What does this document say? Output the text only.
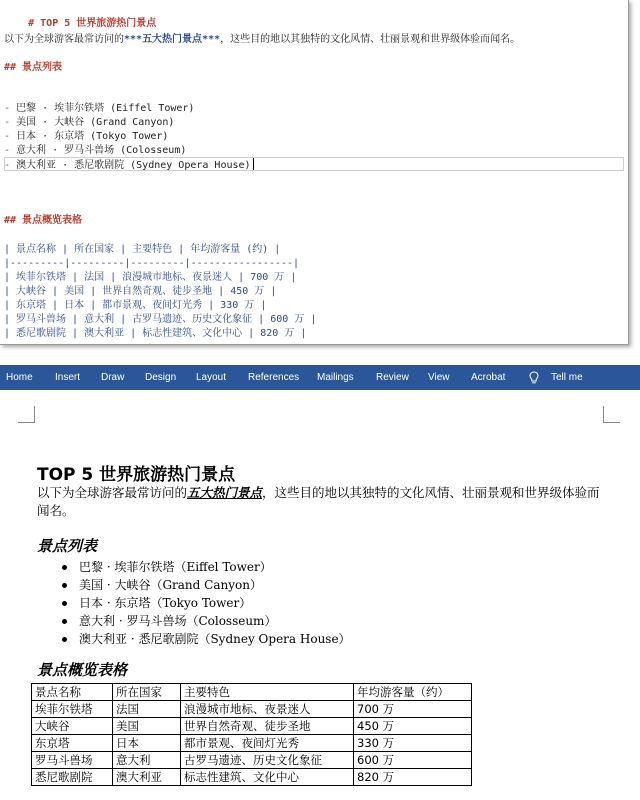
# TOP 5 世界旅游热门景点

以下为全球游客最常访问的***五大热门景点***，这些目的地以其独特的文化风情、壮丽景观和世界级体验而闻名。
## 景点列表
- 巴黎 · 埃菲尔铁塔 (Eiffel Tower)
- 美国 · 大峡谷 (Grand Canyon)
- 日本 · 东京塔 (Tokyo Tower)
- 意大利 · 罗马斗兽场 (Colosseum)
- 澳大利亚 · 悉尼歌剧院 (Sydney Opera House)
## 景点概览表格
| 景点名称 | 所在国家 | 主要特色 | 年均游客量 (约) |
|---------|---------|---------|-----------------|
| 埃菲尔铁塔 | 法国 | 浪漫城市地标、夜景迷人 | 700 万 |
| 大峡谷 | 美国 | 世界自然奇观、徒步圣地 | 450 万 |
| 东京塔 | 日本 | 都市景观、夜间灯光秀 | 330 万 |
| 罗马斗兽场 | 意大利 | 古罗马遗迹、历史文化象征 | 600 万 |
| 悉尼歌剧院 | 澳大利亚 | 标志性建筑、文化中心 | 820 万 |
Home Insert Draw Design Layout References Mailings Review View Acrobat	Tell me
TOP 5 世界旅游热门景点
以下为全球游客最常访问的五大热门景点，这些目的地以其独特的文化风情、壮丽景观和世界级体验而闻名。
景点列表
巴黎 · 埃菲尔铁塔（Eiffel Tower）
美国 · 大峡谷（Grand Canyon）
日本 · 东京塔（Tokyo Tower）
意大利 · 罗马斗兽场（Colosseum）
澳大利亚 · 悉尼歌剧院（Sydney Opera House）
景点概览表格
景点名称	所在国家	主要特色	年均游客量（约）
埃菲尔铁塔	法国	浪漫城市地标、夜景迷人	700 万
大峡谷	美国	世界自然奇观、徒步圣地	450 万
东京塔	日本	都市景观、夜间灯光秀	330 万
罗马斗兽场	意大利	古罗马遗迹、历史文化象征	600 万
悉尼歌剧院	澳大利亚	标志性建筑、文化中心	820 万
